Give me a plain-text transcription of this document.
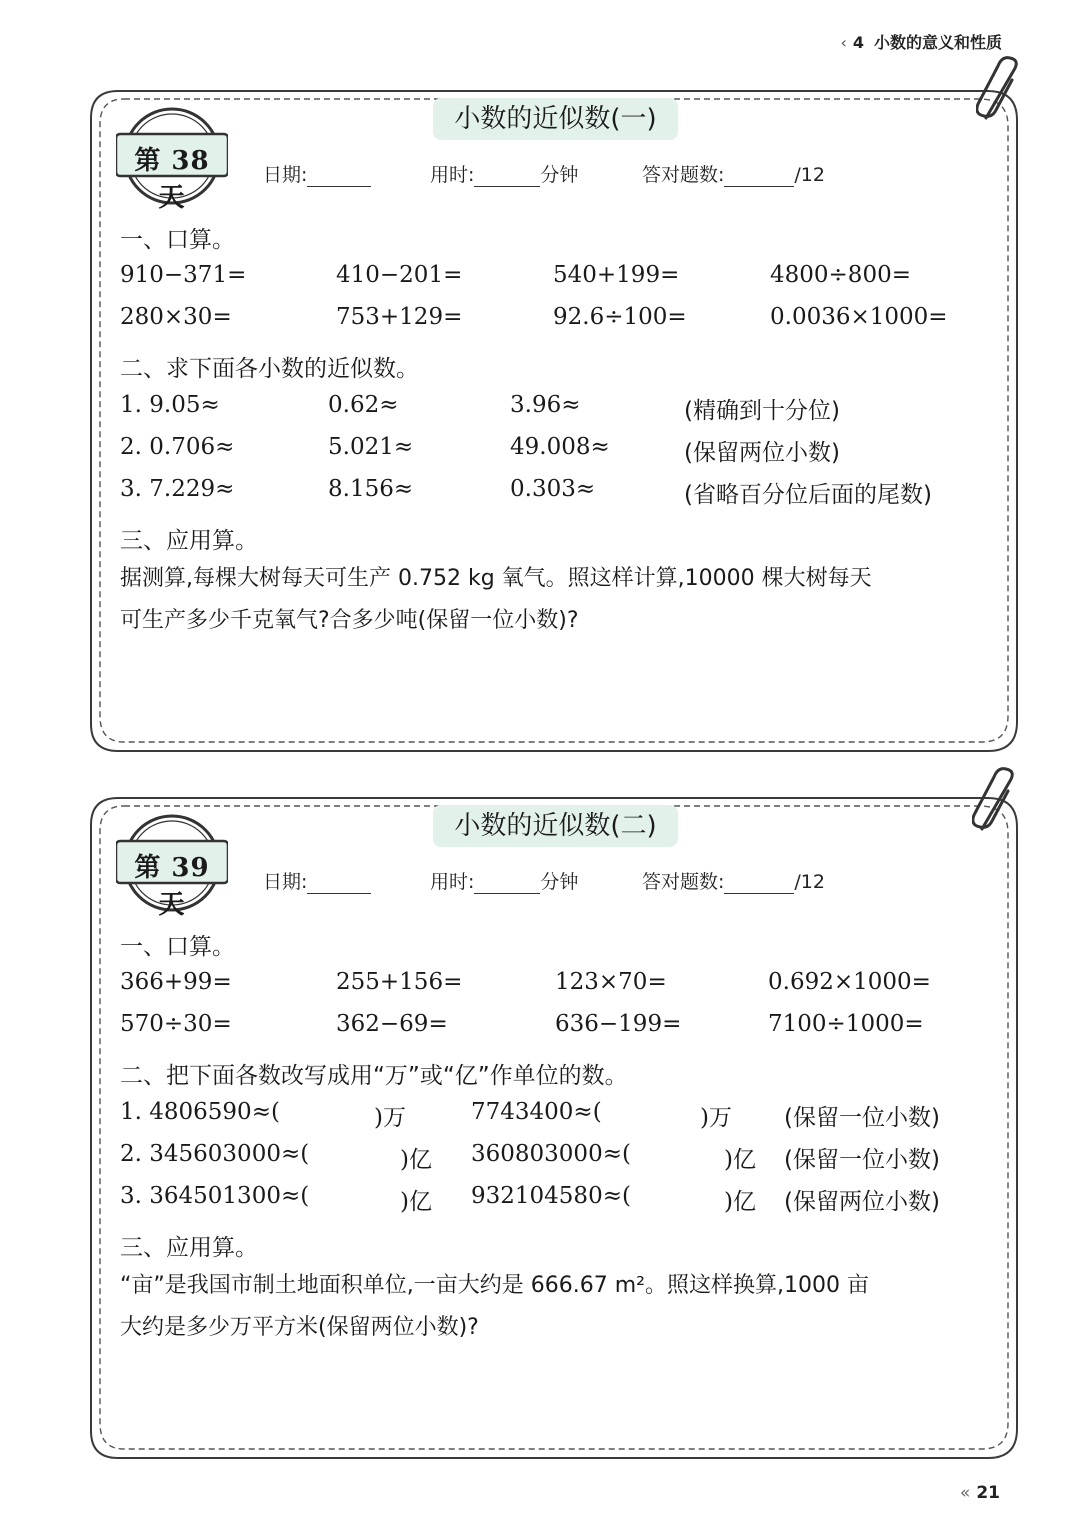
‹ 4 小数的意义和性质
小数的近似数(一)
第 38 天
日期:	用时:	分钟	答对题数:	/12
一、口算。
910−371=	410−201=	540+199=	4800÷800=
280×30=	753+129=	92.6÷100=	0.0036×1000=
二、求下面各小数的近似数。
1. 9.05≈	0.62≈	3.96≈	(精确到十分位)
2. 0.706≈	5.021≈	49.008≈	(保留两位小数)
3. 7.229≈	8.156≈	0.303≈	(省略百分位后面的尾数)
三、应用算。
据测算,每棵大树每天可生产 0.752 kg 氧气。照这样计算,10000 棵大树每天
可生产多少千克氧气?合多少吨(保留一位小数)?
小数的近似数(二)
第 39 天
日期:	用时:	分钟	答对题数:	/12
一、口算。
366+99=	255+156=	123×70=	0.692×1000=
570÷30=	362−69=	636−199=	7100÷1000=
二、把下面各数改写成用“万”或“亿”作单位的数。
1. 4806590≈(	)万	7743400≈(	)万 (保留一位小数)
2. 345603000≈(	)亿 360803000≈(	)亿 (保留一位小数)
3. 364501300≈(	)亿 932104580≈(	)亿 (保留两位小数)
三、应用算。
“亩”是我国市制土地面积单位,一亩大约是 666.67 m²。照这样换算,1000 亩
大约是多少万平方米(保留两位小数)?
« 21
